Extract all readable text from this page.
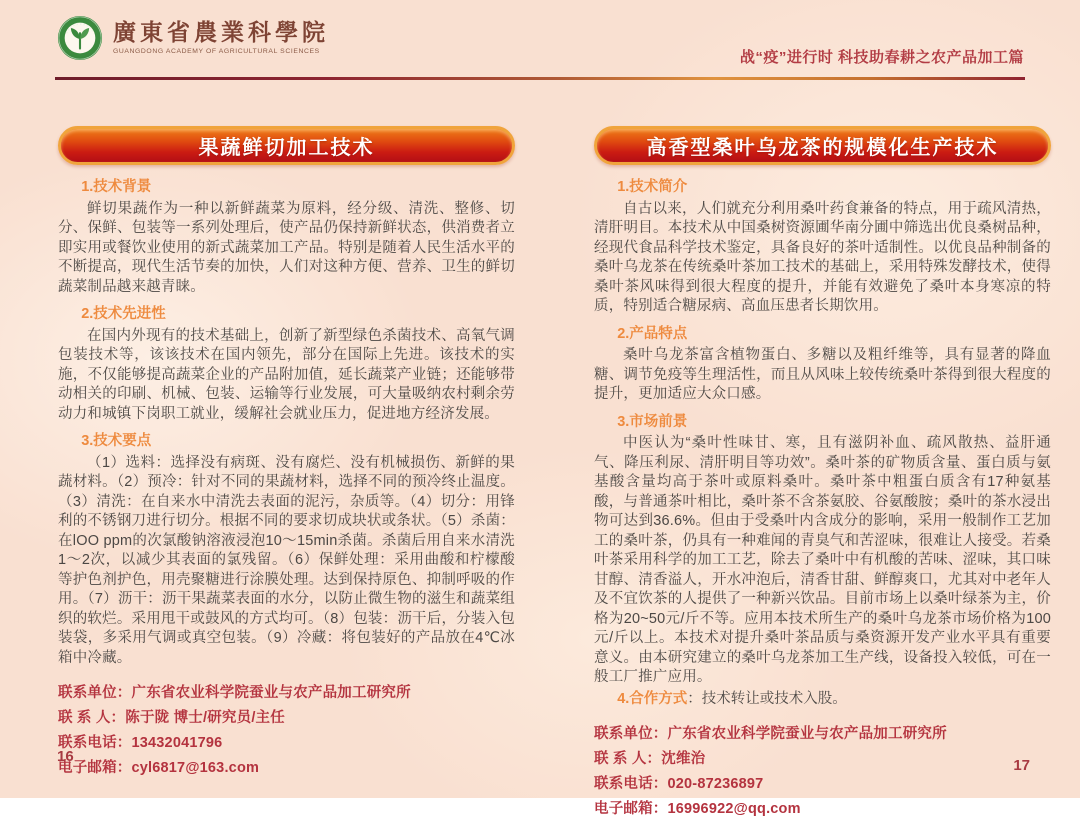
廣東省農業科學院
GUANGDONG ACADEMY OF AGRICULTURAL SCIENCES	战“疫”进行时 科技助春耕之农产品加工篇
果蔬鲜切加工技术
1.技术背景

鲜切果蔬作为一种以新鲜蔬菜为原料，经分级、清洗、整修、切分、保鲜、包装等一系列处理后，使产品仍保持新鲜状态，供消费者立即实用或餐饮业使用的新式蔬菜加工产品。特别是随着人民生活水平的不断提高，现代生活节奏的加快，人们对这种方便、营养、卫生的鲜切蔬菜制品越来越青睐。

2.技术先进性

在国内外现有的技术基础上，创新了新型绿色杀菌技术、高氧气调包装技术等，该该技术在国内领先，部分在国际上先进。该技术的实施，不仅能够提高蔬菜企业的产品附加值，延长蔬菜产业链；还能够带动相关的印刷、机械、包装、运输等行业发展，可大量吸纳农村剩余劳动力和城镇下岗职工就业，缓解社会就业压力，促进地方经济发展。

3.技术要点

（1）选料：选择没有病斑、没有腐烂、没有机械损伤、新鲜的果蔬材料。（2）预冷：针对不同的果蔬材料，选择不同的预冷终止温度。（3）清洗：在自来水中清洗去表面的泥污，杂质等。（4）切分：用锋利的不锈钢刀进行切分。根据不同的要求切成块状或条状。（5）杀菌：在lOO ppm的次氯酸钠溶液浸泡10～15min杀菌。杀菌后用自来水清洗1～2次，以减少其表面的氯残留。（6）保鲜处理：采用曲酸和柠檬酸等护色剂护色，用壳聚糖进行涂膜处理。达到保持原色、抑制呼吸的作用。（7）沥干：沥干果蔬菜表面的水分，以防止微生物的滋生和蔬菜组织的软烂。采用甩干或鼓风的方式均可。（8）包装：沥干后，分装入包装袋，多采用气调或真空包装。（9）冷藏：将包装好的产品放在4℃冰箱中冷藏。

联系单位：广东省农业科学院蚕业与农产品加工研究所
联 系 人：陈于陇 博士/研究员/主任
联系电话：13432041796
电子邮箱：cyl6817@163.com
高香型桑叶乌龙茶的规模化生产技术
1.技术简介

自古以来，人们就充分利用桑叶药食兼备的特点，用于疏风清热，清肝明目。本技术从中国桑树资源圃华南分圃中筛选出优良桑树品种，经现代食品科学技术鉴定，具备良好的茶叶适制性。以优良品种制备的桑叶乌龙茶在传统桑叶茶加工技术的基础上，采用特殊发酵技术，使得桑叶茶风味得到很大程度的提升，并能有效避免了桑叶本身寒凉的特质，特别适合糖尿病、高血压患者长期饮用。

2.产品特点

桑叶乌龙茶富含植物蛋白、多糖以及粗纤维等，具有显著的降血糖、调节免疫等生理活性，而且从风味上较传统桑叶茶得到很大程度的提升，更加适应大众口感。

3.市场前景

中医认为“桑叶性味甘、寒，且有滋阴补血、疏风散热、益肝通气、降压利尿、清肝明目等功效”。桑叶茶的矿物质含量、蛋白质与氨基酸含量均高于茶叶或原料桑叶。桑叶茶中粗蛋白质含有17种氨基酸，与普通茶叶相比，桑叶茶不含茶氨胶、谷氨酸胺；桑叶的茶水浸出物可达到36.6%。但由于受桑叶内含成分的影响，采用一般制作工艺加工的桑叶茶，仍具有一种难闻的青臭气和苦涩味，很难让人接受。若桑叶茶采用科学的加工工艺，除去了桑叶中有机酸的苦味、涩味，其口味甘醇、清香溢人，开水冲泡后，清香甘甜、鲜醇爽口，尤其对中老年人及不宜饮茶的人提供了一种新兴饮品。目前市场上以桑叶绿茶为主，价格为20~50元/斤不等。应用本技术所生产的桑叶乌龙茶市场价格为100元/斤以上。本技术对提升桑叶茶品质与桑资源开发产业水平具有重要意义。由本研究建立的桑叶乌龙茶加工生产线，设备投入较低，可在一般工厂推广应用。

4.合作方式：技术转让或技术入股。

联系单位：广东省农业科学院蚕业与农产品加工研究所
联 系 人：沈维治
联系电话：020-87236897
电子邮箱：16996922@qq.com
16
17
